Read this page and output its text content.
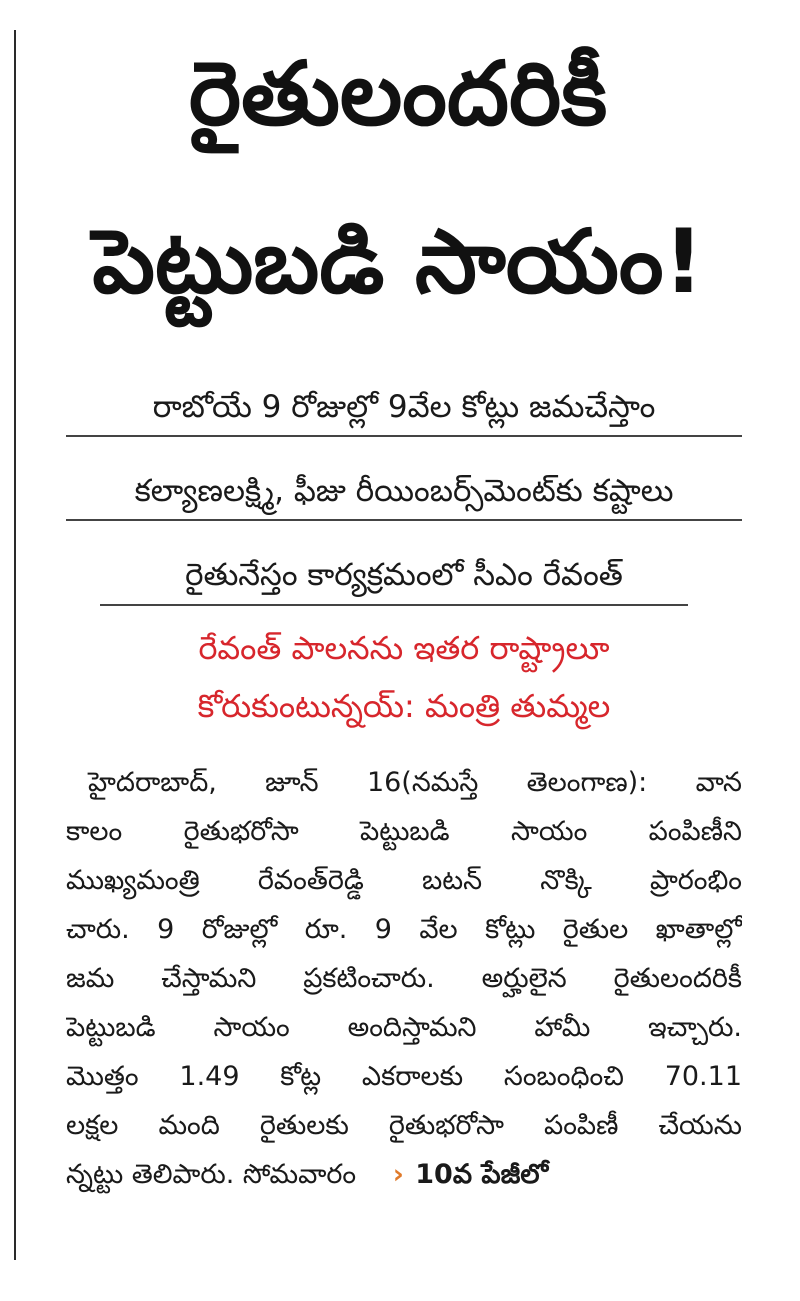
రైతులందరికీ
పెట్టుబడి సాయం!
రాబోయే 9 రోజుల్లో 9వేల కోట్లు జమచేస్తాం
కల్యాణలక్ష్మి, ఫీజు రీయింబర్స్‌మెంట్‌కు కష్టాలు
రైతునేస్తం కార్యక్రమంలో సీఎం రేవంత్
రేవంత్ పాలనను ఇతర రాష్ట్రాలూ
కోరుకుంటున్నయ్: మంత్రి తుమ్మల
హైదరాబాద్, జూన్ 16(నమస్తే తెలంగాణ): వాన
కాలం రైతుభరోసా పెట్టుబడి సాయం పంపిణీని
ముఖ్యమంత్రి రేవంత్‌రెడ్డి బటన్ నొక్కి ప్రారంభిం
చారు. 9 రోజుల్లో రూ. 9 వేల కోట్లు రైతుల ఖాతాల్లో
జమ చేస్తామని ప్రకటించారు. అర్హులైన రైతులందరికీ
పెట్టుబడి సాయం అందిస్తామని హామీ ఇచ్చారు.
మొత్తం 1.49 కోట్ల ఎకరాలకు సంబంధించి 70.11
లక్షల మంది రైతులకు రైతుభరోసా పంపిణీ చేయను
న్నట్టు తెలిపారు. సోమవారం › 10వ పేజీలో
